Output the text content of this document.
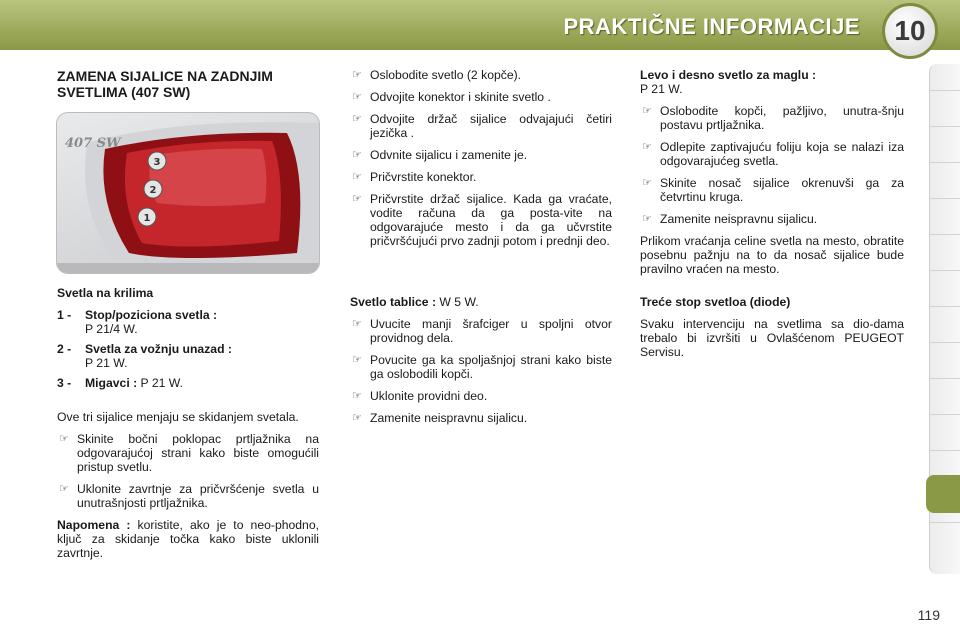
PRAKTIČNE INFORMACIJE	10

ZAMENA SIJALICE NA ZADNJIM SVETLIMA (407 SW)

3
2
1
407 SW

Svetla na krilima

1 - Stop/poziciona svetla :
P 21/4 W.

2 - Svetla za vožnju unazad :
P 21 W.

3 - Migavci : P 21 W.

Ove tri sijalice menjaju se skidanjem svetala.

☞ Skinite bočni poklopac prtljažnika na odgovarajućoj strani kako biste omogućili pristup svetlu.

☞ Uklonite zavrtnje za pričvršćenje svetla u unutrašnjosti prtljažnika.

Napomena : koristite, ako je to neo-phodno, ključ za skidanje točka kako biste uklonili zavrtnje.

☞ Oslobodite svetlo (2 kopče).

☞ Odvojite konektor i skinite svetlo .

☞ Odvojite držač sijalice odvajajući četiri jezička .

☞ Odvnite sijalicu i zamenite je.

☞ Pričvrstite konektor.

☞ Pričvrstite držač sijalice. Kada ga vraćate, vodite računa da ga posta-vite na odgovarajuće mesto i da ga učvrstite pričvršćujući prvo zadnji potom i prednji deo.

Svetlo tablice : W 5 W.

☞ Uvucite manji šrafciger u spoljni otvor providnog dela.

☞ Povucite ga ka spoljašnjoj strani kako biste ga oslobodili kopči.

☞ Uklonite providni deo.

☞ Zamenite neispravnu sijalicu.

Levo i desno svetlo za maglu :
P 21 W.

☞ Oslobodite kopči, pažljivo, unutra-šnju postavu prtljažnika.

☞ Odlepite zaptivajuću foliju koja se nalazi iza odgovarajućeg svetla.

☞ Skinite nosač sijalice okrenuvši ga za četvrtinu kruga.

☞ Zamenite neispravnu sijalicu.

Prlikom vraćanja celine svetla na mesto, obratite posebnu pažnju na to da nosač sijalice bude pravilno vraćen na mesto.

Treće stop svetloa (diode)

Svaku intervenciju na svetlima sa dio-dama trebalo bi izvršiti u Ovlašćenom PEUGEOT Servisu.

119
